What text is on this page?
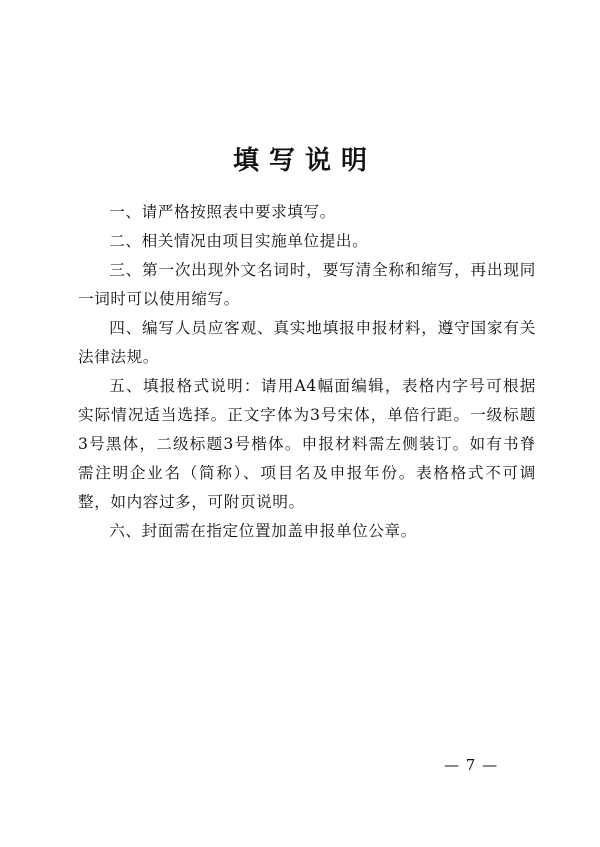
填写说明

一、请严格按照表中要求填写。

二、相关情况由项目实施单位提出。

三、第一次出现外文名词时，要写清全称和缩写，再出现同一词时可以使用缩写。

四、编写人员应客观、真实地填报申报材料，遵守国家有关法律法规。

五、填报格式说明：请用A4幅面编辑，表格内字号可根据实际情况适当选择。正文字体为3号宋体，单倍行距。一级标题3号黑体，二级标题3号楷体。申报材料需左侧装订。如有书脊需注明企业名（简称）、项目名及申报年份。表格格式不可调整，如内容过多，可附页说明。

六、封面需在指定位置加盖申报单位公章。

— 7 —
